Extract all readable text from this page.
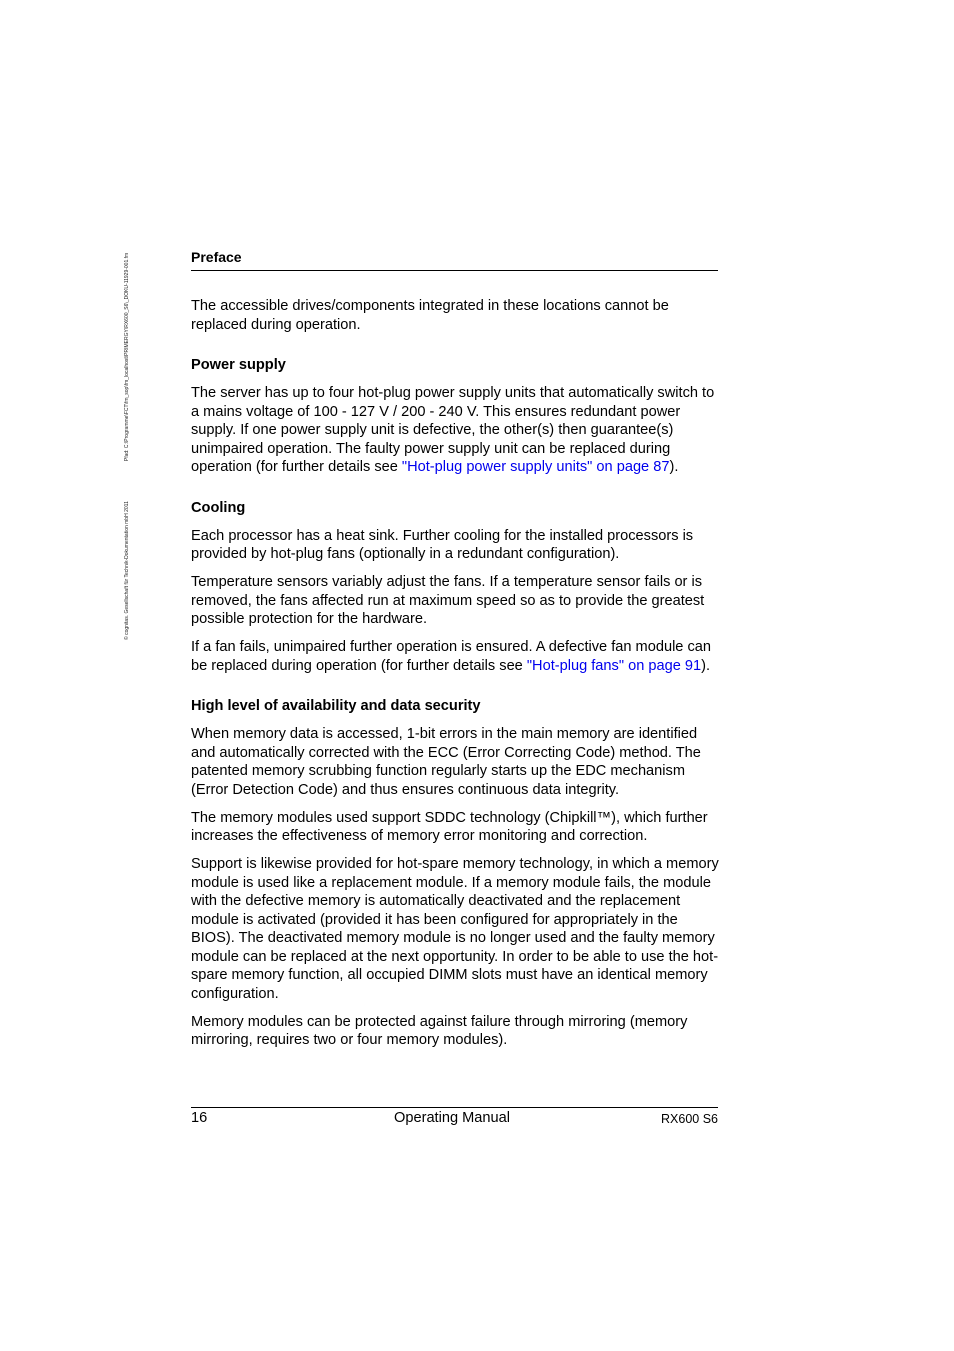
© cognitas. Gesellschaft für Technik-Dokumentation mbH 2011Pfad: C:\Programme\FCT\fm_sop\fm_localhost\PRIMERGY\RX600_S6\_DOKU-11929-001.fm	Preface

The accessible drives/components integrated in these locations cannot be replaced during operation.

Power supply

The server has up to four hot-plug power supply units that automatically switch to a mains voltage of 100 - 127 V / 200 - 240 V. This ensures redundant power supply. If one power supply unit is defective, the other(s) then guarantee(s) unimpaired operation. The faulty power supply unit can be replaced during operation (for further details see "Hot-plug power supply units" on page 87).

Cooling

Each processor has a heat sink. Further cooling for the installed processors is provided by hot-plug fans (optionally in a redundant configuration).

Temperature sensors variably adjust the fans. If a temperature sensor fails or is removed, the fans affected run at maximum speed so as to provide the greatest possible protection for the hardware.

If a fan fails, unimpaired further operation is ensured. A defective fan module can be replaced during operation (for further details see "Hot-plug fans" on page 91).

High level of availability and data security

When memory data is accessed, 1-bit errors in the main memory are identified and automatically corrected with the ECC (Error Correcting Code) method. The patented memory scrubbing function regularly starts up the EDC mechanism (Error Detection Code) and thus ensures continuous data integrity.

The memory modules used support SDDC technology (Chipkill™), which further increases the effectiveness of memory error monitoring and correction.

Support is likewise provided for hot-spare memory technology, in which a memory module is used like a replacement module. If a memory module fails, the module with the defective memory is automatically deactivated and the replacement module is activated (provided it has been configured for appropriately in the BIOS). The deactivated memory module is no longer used and the faulty memory module can be replaced at the next opportunity. In order to be able to use the hot-spare memory function, all occupied DIMM slots must have an identical memory configuration.

Memory modules can be protected against failure through mirroring (memory mirroring, requires two or four memory modules).

16	Operating Manual	RX600 S6
